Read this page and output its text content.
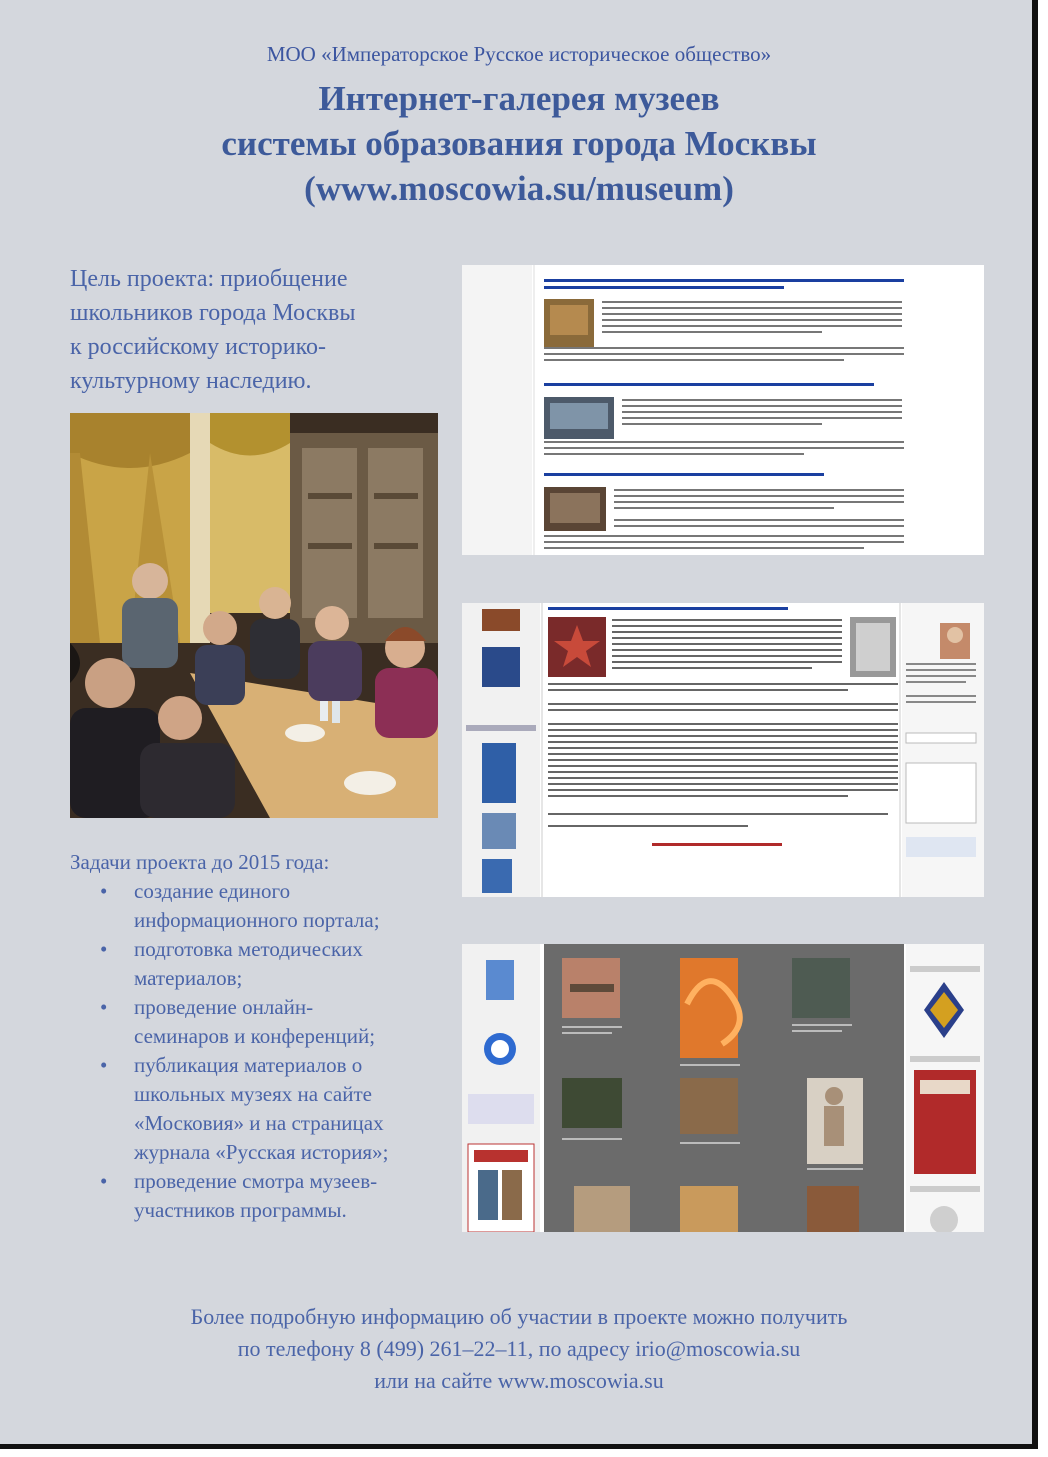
МОО «Императорское Русское историческое общество»
Интернет-галерея музеев
системы образования города Москвы
(www.moscowia.su/museum)
Цель проекта: приобщение
школьников города Москвы
к российскому историко-
культурному наследию.
Задачи проекта до 2015 года:
• создание единого
информационного портала;
• подготовка методических
материалов;
• проведение онлайн-
семинаров и конференций;
• публикация материалов о
школьных музеях на сайте
«Московия» и на страницах
журнала «Русская история»;
• проведение смотра музеев-
участников программы.
Более подробную информацию об участии в проекте можно получить
по телефону 8 (499) 261–22–11, по адресу irio@moscowia.su
или на сайте www.moscowia.su
